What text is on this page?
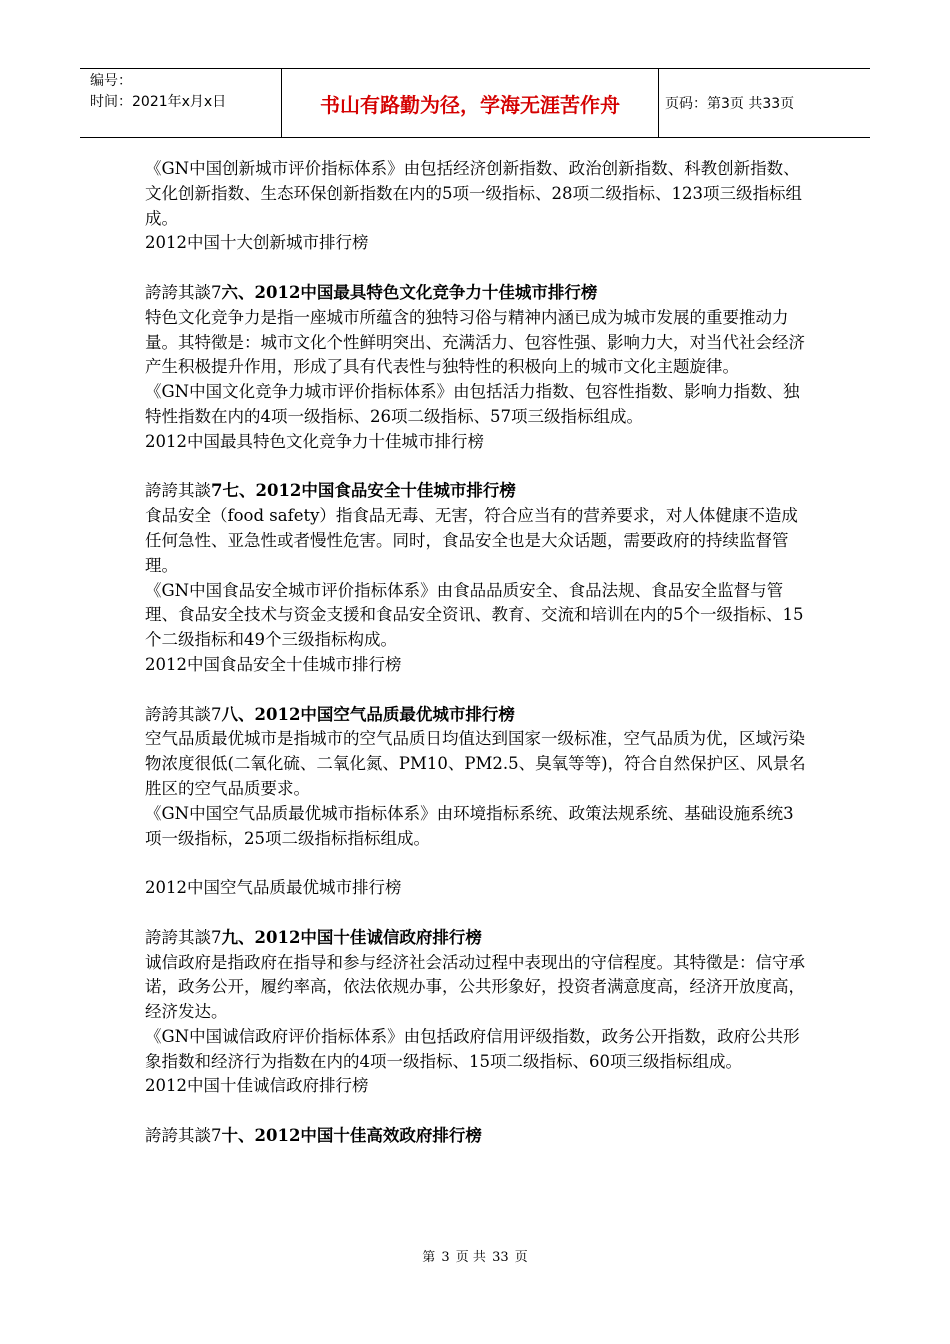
编号：
时间：2021年x月x日	书山有路勤为径，学海无涯苦作舟	页码：第3页 共33页

《GN中国创新城市评价指标体系》由包括经济创新指数、政治创新指数、科教创新指数、文化创新指数、生态环保创新指数在内的5项一级指标、28项二级指标、123项三级指标组成。

2012中国十大创新城市排行榜

誇誇其談7六、2012中国最具特色文化竞争力十佳城市排行榜

特色文化竞争力是指一座城市所蕴含的独特习俗与精神内涵已成为城市发展的重要推动力量。其特徵是：城市文化个性鲜明突出、充满活力、包容性强、影响力大，对当代社会经济产生积极提升作用，形成了具有代表性与独特性的积极向上的城市文化主题旋律。

《GN中国文化竞争力城市评价指标体系》由包括活力指数、包容性指数、影响力指数、独特性指数在内的4项一级指标、26项二级指标、57项三级指标组成。

2012中国最具特色文化竞争力十佳城市排行榜

誇誇其談7七、2012中国食品安全十佳城市排行榜

食品安全（food safety）指食品无毒、无害，符合应当有的营养要求，对人体健康不造成任何急性、亚急性或者慢性危害。同时，食品安全也是大众话题，需要政府的持续监督管理。

《GN中国食品安全城市评价指标体系》由食品品质安全、食品法规、食品安全监督与管理、食品安全技术与资金支援和食品安全资讯、教育、交流和培训在内的5个一级指标、15个二级指标和49个三级指标构成。

2012中国食品安全十佳城市排行榜

誇誇其談7八、2012中国空气品质最优城市排行榜

空气品质最优城市是指城市的空气品质日均值达到国家一级标准，空气品质为优，区域污染物浓度很低(二氧化硫、二氧化氮、PM10、PM2.5、臭氧等等)，符合自然保护区、风景名胜区的空气品质要求。

《GN中国空气品质最优城市指标体系》由环境指标系统、政策法规系统、基础设施系统3项一级指标，25项二级指标指标组成。

2012中国空气品质最优城市排行榜

誇誇其談7九、2012中国十佳诚信政府排行榜

诚信政府是指政府在指导和参与经济社会活动过程中表现出的守信程度。其特徵是：信守承诺，政务公开，履约率高，依法依规办事，公共形象好，投资者满意度高，经济开放度高，经济发达。

《GN中国诚信政府评价指标体系》由包括政府信用评级指数，政务公开指数，政府公共形象指数和经济行为指数在内的4项一级指标、15项二级指标、60项三级指标组成。

2012中国十佳诚信政府排行榜

誇誇其談7十、2012中国十佳高效政府排行榜

第 3 页 共 33 页
